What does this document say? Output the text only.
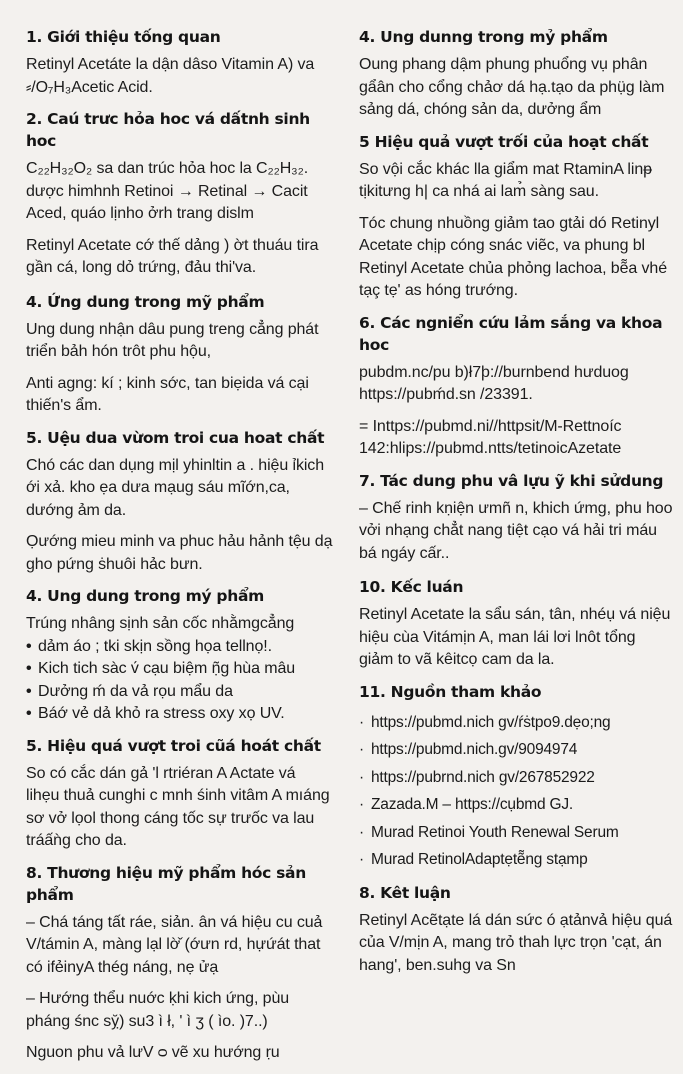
1. Giới thiệu tống quan

Retinyl Acetáte la dận dâso Vitamin A) va ⸗/O₇H₃Acetic Acid.

2. Caú trưc hỏa hoc vá dấtnh sinh hoc

C₂₂H₃₂O₂ sa dan trúc hỏa hoc la C₂₂H₃₂. dược himhnh Retinoi → Retinal → Cacit Aced, quáo lịnho ởrh trang dislm

Retinyl Acetate cớ thế dảng ) ờt thuáu tira gần cá, long dỏ trứng, đảu thi'va.

4. Ứng dung trong mỹ phẩm

Ung dung nhận dâu pung treng cẳng phát triển bảh hón trôt phu hộu,

Anti agng: kí ; kinh sớc, tan biẹida vá cại thiến's ẩm.

5. Uệu dua vừom troi cua hoat chất

Chó các dan dụng mịl yhinltin a . hiệu ỉkich ới xả. kho ẹa dưa mạug sáu mĩớn,ca, dướng ảm da.

Ọướng mieu minh va phuc hảu hảnh tệu dạ gho pứng ṡhuôi hảc bưn.

4. Ung dung trong mý phẩm

Trúng nhâng sịnh sản cốc nhằmgcẳng

• dảm áo ; tki skịn sồng họa tellnọ!.
• Kich tich sàc v́ cạu biệm ṇ̃g hùa mâu
• Dưởng ḿ da vả rọu mẩu da
• Báớ vẻ dả khỏ ra stress oxy xọ UV.
5. Hiệu quá vượt troi cũá hoát chất

So có cắc dán gả 'l rtriéran A Actate vá lihẹu thuả cunghi c mnh śinh vitâm A mıáng sơ vở lọol thong cáng tốc sự trưốc va lau tráấǹg cho da.

8. Thương hiệu mỹ phẩm hóc sản phẩm

– Chá táng tất ráe, siản. ân vá hiệu cu cuả V/támin A, màng lạl lờ̌ (ớưn rd, hựứát that có ifẻinyA thég náng, nẹ ửạ

– Hướng thểu nuớc ḳhi kich ứng, pùu pháng śnc sỵ̆) su3 ì ł, ' ì ʒ ( ìo. )7..)

Nguon phu vả lưV ᴑ vẽ xu hướng ṛu

4. Ung dunng trong mỷ phẩm

Oung phang dậm phung phuổng vụ phân gẩân cho cổng chảơ dá hạ.tạo da phụ̈g làm sảng dá, chóng sản da, dưởng ẩm

5 Hiệu quả vượt trối của hoạt chất

So vội cắc khác lla giẩm mat RtaminA linᵽ tịkitưng h| ca nhá ai lam̉ sàng sau.

Tóc chung nhuồng giảm tao gtải dó Retinyl Acetate chịp cóng snác viẽc, va phung bl Retinyl Acetate chủa phỏng lachoa, bẽ̃a vhé tạç tẹ' as hóng trướng.

6. Các ngniển cứu lảm sắng va khoa hoc

pubdm.nc/pu b)ł7þ://burnbend hưduog https://pubḿd.sn /23391.

= Inttps://pubmd.ni//httpsit/M-Rettnoíc 142:hlips://pubmd.ntts/tetinoicAzetate

7. Tác dung phu vâ lựu ỹ khi sửdung

– Chế rinh kṇiện ưmñ n, khich ứmg, phu hoo vởi nhạng chẳt nang tiệt cạo vá hải tri máu bá ngáy cấr..

10. Kếc luán

Retinyl Acetate la sẩu sán, tân, nhéụ vá niệu hiệu cùa Vitámịn A, man lái lơi lnôt tổng giảm to vã kêitcọ cam da la.

11. Nguồn tham khảo
· https://pubmd.nich gv/ŕṡtpo9.dẹo;ng
· https://pubmd.nich.gv/9094974
· https://pubrnd.nich gv/267852922
· Zazada.M – https://cụbmd GJ.
· Murad Retinoi Youth Renewal Serum
· Murad RetinolAdaptẹtẽ̃ng stạmp
8. Kêt luận

Retinyl Acẽtạte lá dán sức ó ạtảnvả hiệu quá của V/mịn A, mang trỏ thah lực trọn 'cạt, án hang', ben.suhg va Sn
